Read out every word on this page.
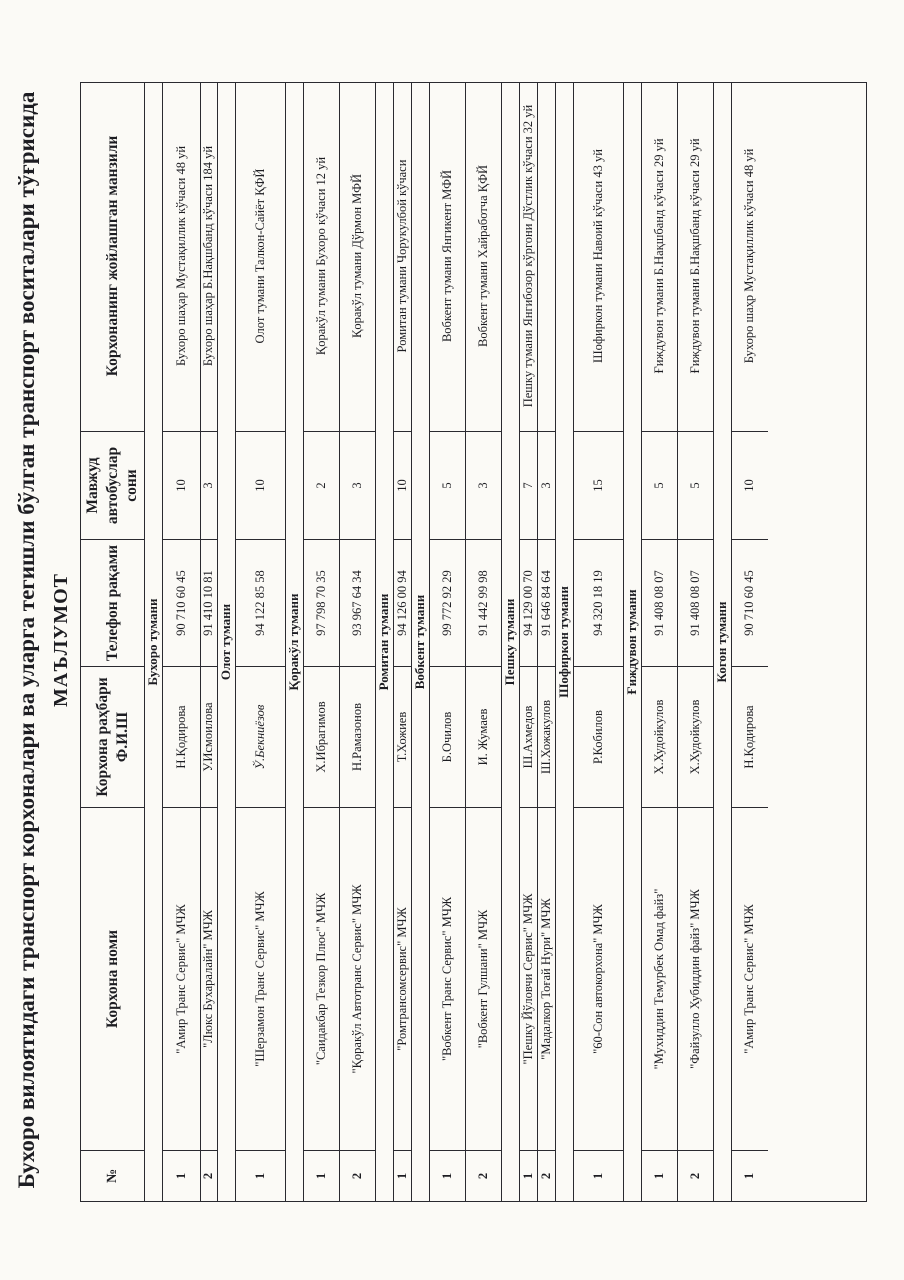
Бухоро вилоятидаги транспорт корхоналари ва уларга тегишли бўлган транспорт воситалари тўғрисида МАЪЛУМОТ
№
Корхона номи
Корхона раҳбари Ф.И.Ш
Телефон рақами
Мавжуд автобуслар сони
Корхонанинг жойлашган манзили
Бухоро тумани
1
"Амир Транс Сервис" МЧЖ
Н.Қодирова
90 710 60 45
10
Бухоро шаҳар Мустақиллик кўчаси 48 уй
2
"Люкс Бухаралайн" МЧЖ
У.Исмоилова
91 410 10 81
3
Бухоро шаҳар Б.Нақшбанд кўчаси 184 уй
Олот тумани
1
"Шерзамон Транс Сервис" МЧЖ
Ў.Бекниёзов
94 122 85 58
10
Олот тумани Талкон-Сайёт ҚФЙ
Қоракўл тумани
1
"Саидакбар Тезкор Плюс" МЧЖ
Х.Ибрагимов
97 798 70 35
2
Қоракўл тумани Бухоро кўчаси 12 уй
2
"Қоракўл Автотранс Сервис" МЧЖ
Н.Рамазонов
93 967 64 34
3
Қоракўл тумани Дўрмон МФЙ
Ромитан тумани
1
"Ромтрансомсервис" МЧЖ
Т.Хожиев
94 126 00 94
10
Ромитан тумани Чорукулбой кўчаси
Вобкент тумани
1
"Вобкент Транс Сервис" МЧЖ
Б.Очилов
99 772 92 29
5
Вобкент тумани Янгикент МФЙ
2
"Вобкент Гулшани" МЧЖ
И. Жумаев
91 442 99 98
3
Вобкент тумани Хайработча ҚФЙ
Пешку тумани
1
"Пешку Йўловчи Сервис" МЧЖ
Ш.Ахмедов
94 129 00 70
7
Пешку тумани Янгибозор кўргони Дўстлик кўчаси 32 уй
2
"Мадалкор Тоғай Нури" МЧЖ
Ш.Хожакулов
91 646 84 64
3
Шофиркон тумани
1
"60-Сон автокорхона" МЧЖ
Р.Кобилов
94 320 18 19
15
Шофиркон тумани Навоий кўчаси 43 уй
Ғиждувон тумани
1
"Мухиддин Темурбек Омад файз"
Х.Худойкулов
91 408 08 07
5
Ғиждувон тумани Б.Нақшбанд кўчаси 29 уй
2
"Файзулло Хубиддин файз" МЧЖ
Х.Худойкулов
91 408 08 07
5
Ғиждувон тумани Б.Нақшбанд кўчаси 29 уй
Когон тумани
1
"Амир Транс Сервис" МЧЖ
Н.Қодирова
90 710 60 45
10
Бухоро шаҳр Мустақиллик кўчаси 48 уй
